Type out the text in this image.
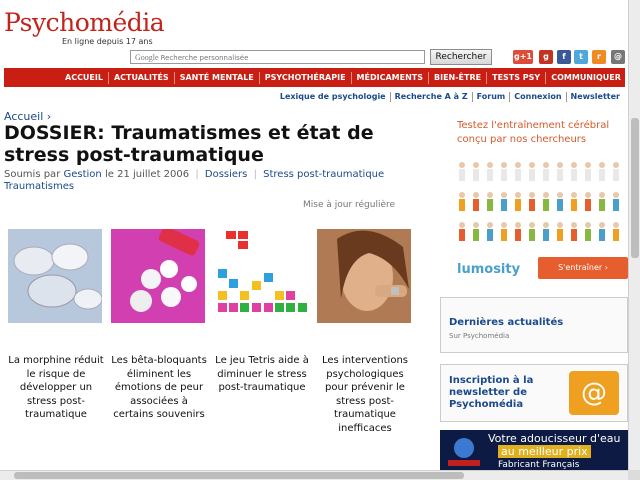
Psychomédia
En ligne depuis 17 ans
Google Recherche personnalisée	Rechercher	g+1	g	f	t	r	@
ACCUEIL	ACTUALITÉS	SANTÉ MENTALE	PSYCHOTHÉRAPIE	MÉDICAMENTS	BIEN-ÊTRE	TESTS PSY	COMMUNIQUER
Lexique de psychologie	Recherche A à Z	Forum	Connexion	Newsletter
Accueil ›
DOSSIER: Traumatismes et état de stress post-traumatique
Soumis par Gestion le 21 juillet 2006 | Dossiers | Stress post-traumatique
Traumatismes
Mise à jour régulière
La morphine réduit le risque de développer un stress post-traumatique
Les bêta-bloquants éliminent les émotions de peur associées à certains souvenirs
Le jeu Tetris aide à diminuer le stress post-traumatique
Les interventions psychologiques pour prévenir le stress post-traumatique inefficaces
Testez l'entraînement cérébral conçu par nos chercheurs
lumosity	S'entraîner ›
Dernières actualités
Sur Psychomédia
Inscription à la newsletter de Psychomédia	@
Votre adoucisseur d'eau
au meilleur prix
Fabricant Français
